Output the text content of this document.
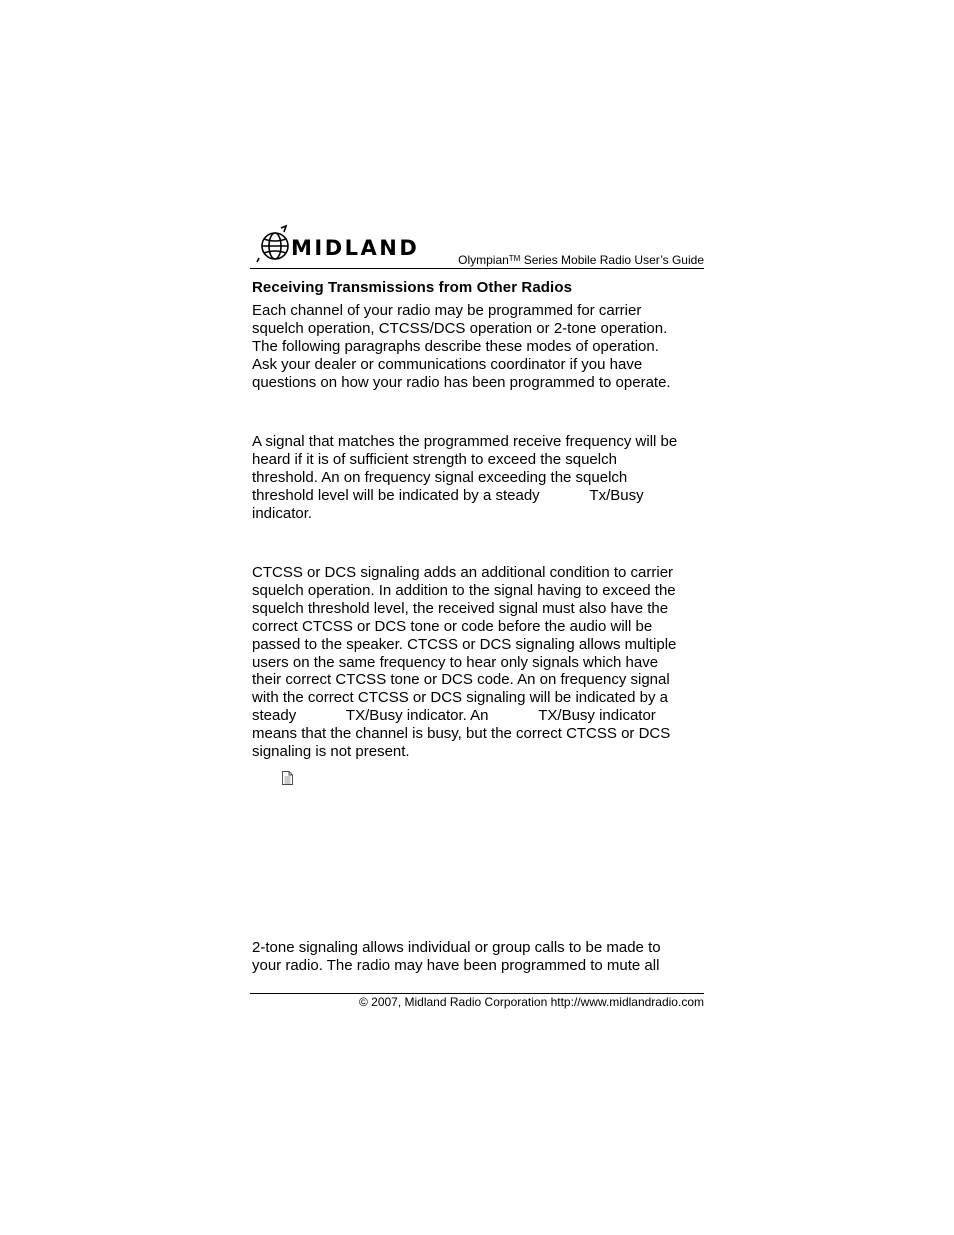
MIDLAND	Olympian™ Series Mobile Radio User’s Guide
Receiving Transmissions from Other Radios
Each channel of your radio may be programmed for carrier
squelch operation, CTCSS/DCS operation or 2-tone operation.
The following paragraphs describe these modes of operation.
Ask your dealer or communications coordinator if you have
questions on how your radio has been programmed to operate.
A signal that matches the programmed receive frequency will be
heard if it is of sufficient strength to exceed the squelch
threshold. An on frequency signal exceeding the squelch
threshold level will be indicated by a steady            Tx/Busy
indicator.
CTCSS or DCS signaling adds an additional condition to carrier
squelch operation. In addition to the signal having to exceed the
squelch threshold level, the received signal must also have the
correct CTCSS or DCS tone or code before the audio will be
passed to the speaker. CTCSS or DCS signaling allows multiple
users on the same frequency to hear only signals which have
their correct CTCSS tone or DCS code. An on frequency signal
with the correct CTCSS or DCS signaling will be indicated by a
steady            TX/Busy indicator. An            TX/Busy indicator
means that the channel is busy, but the correct CTCSS or DCS
signaling is not present.
2-tone signaling allows individual or group calls to be made to
your radio. The radio may have been programmed to mute all
© 2007, Midland Radio Corporation http://www.midlandradio.com
